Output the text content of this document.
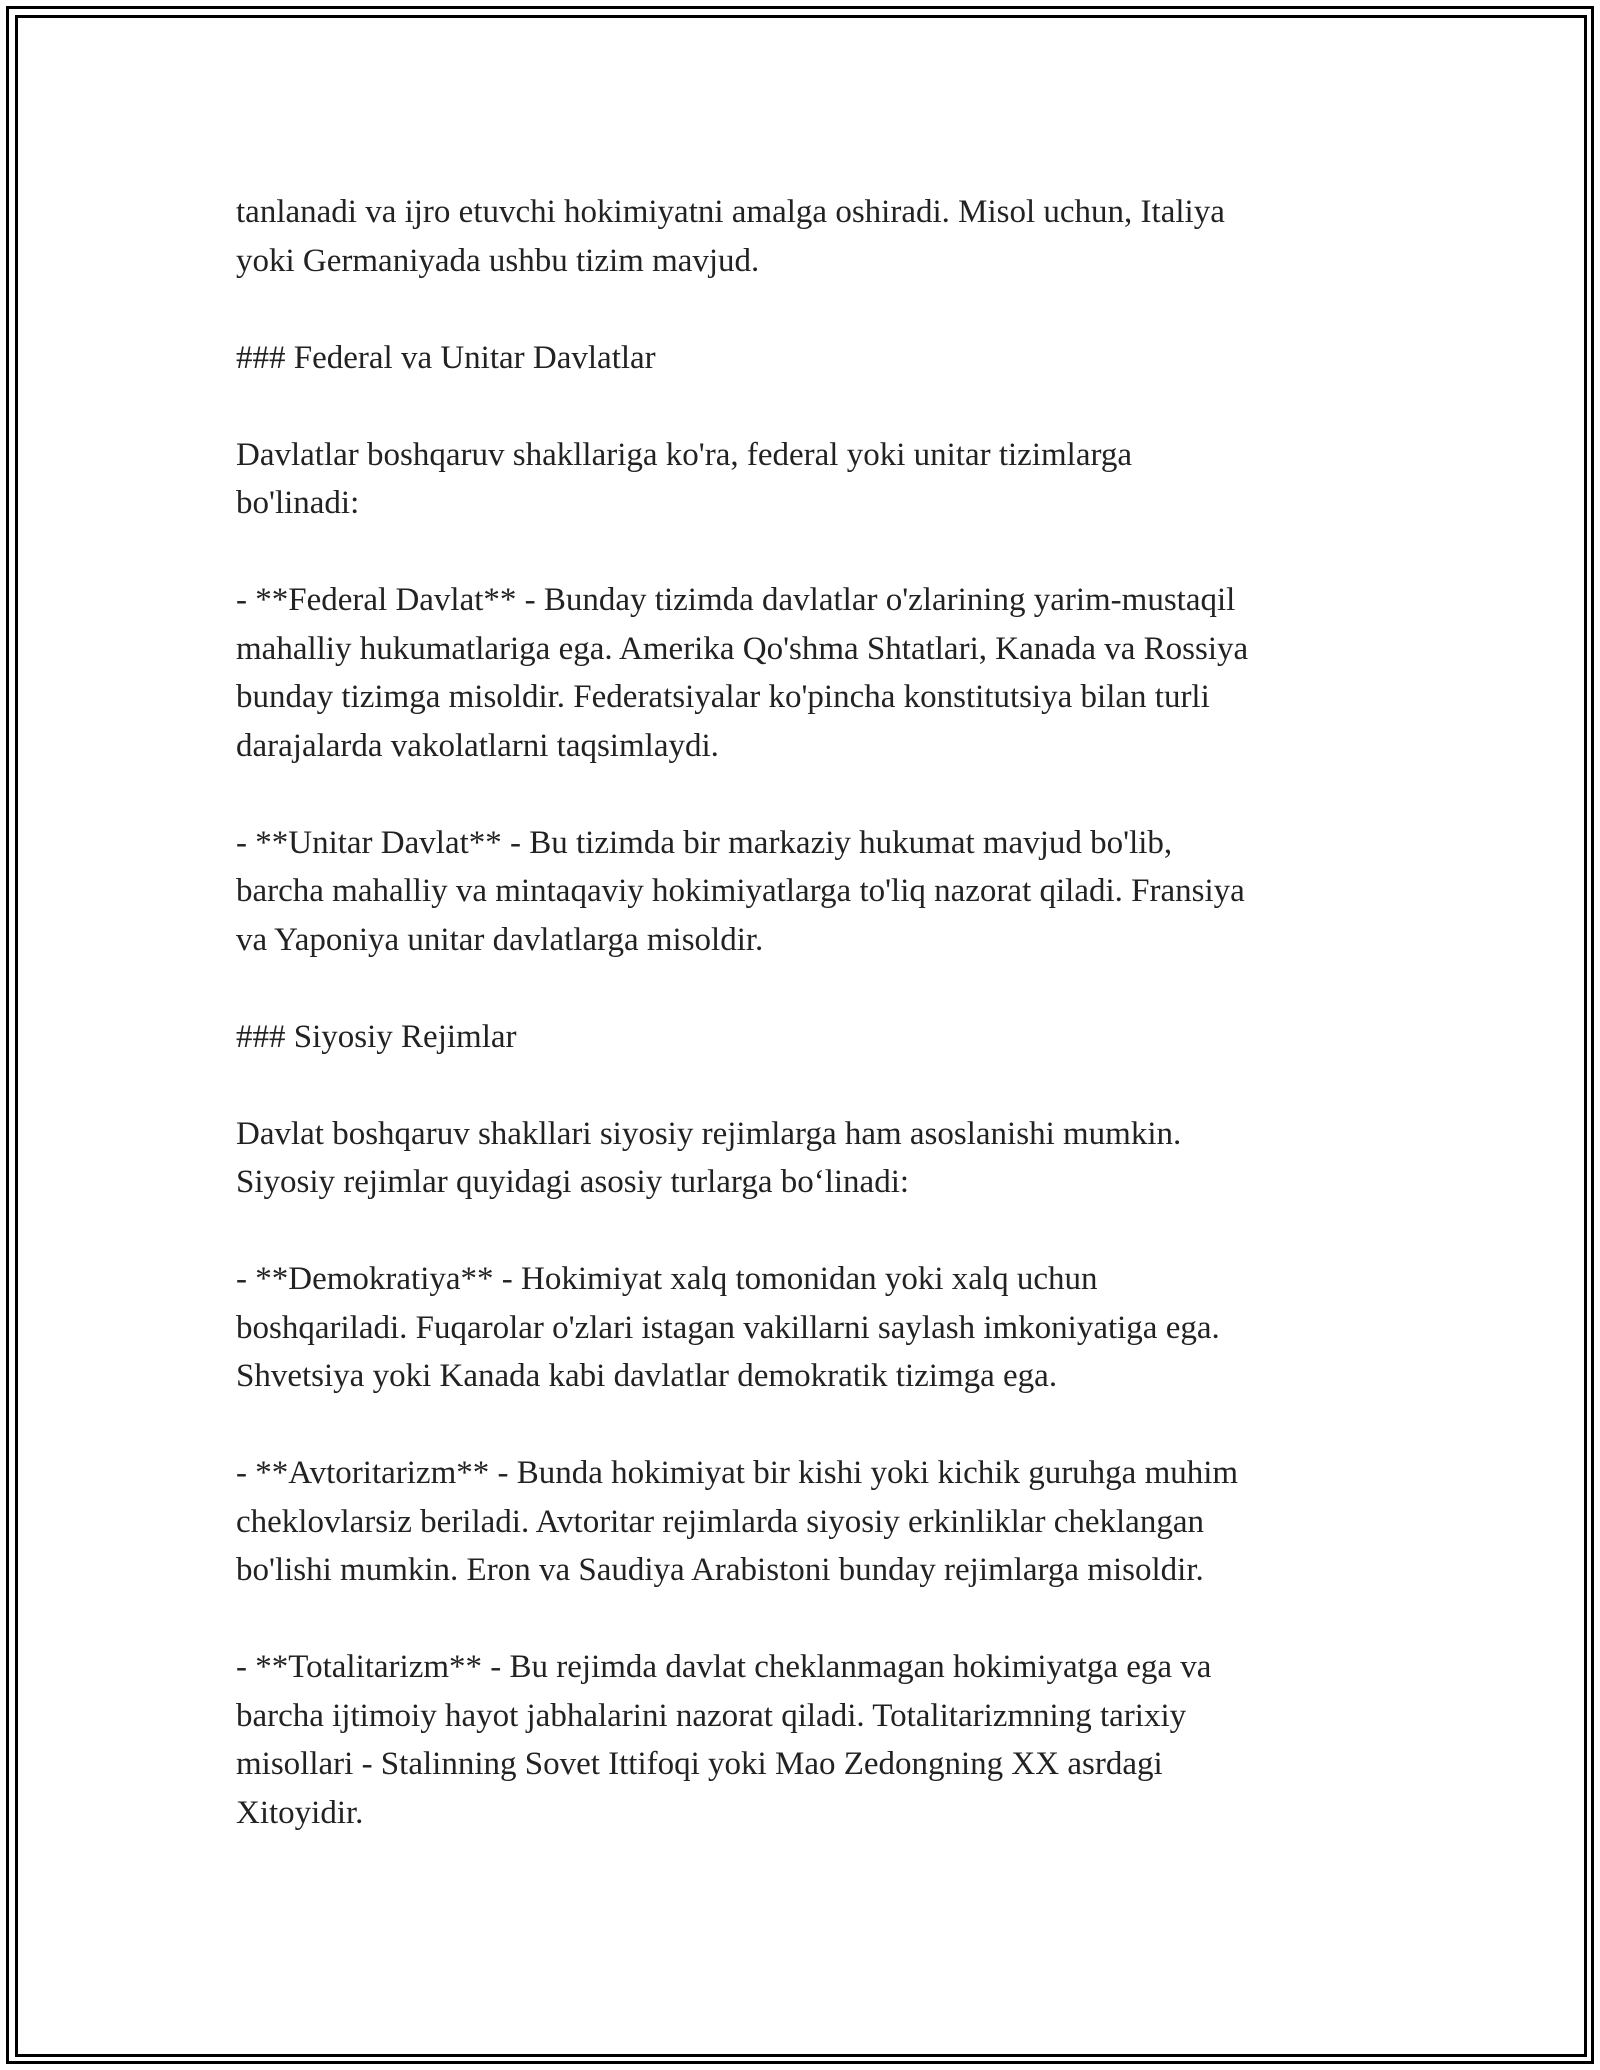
tanlanadi va ijro etuvchi hokimiyatni amalga oshiradi. Misol uchun, Italiya
yoki Germaniyada ushbu tizim mavjud.

### Federal va Unitar Davlatlar

Davlatlar boshqaruv shakllariga ko'ra, federal yoki unitar tizimlarga
bo'linadi:

- **Federal Davlat** - Bunday tizimda davlatlar o'zlarining yarim-mustaqil
mahalliy hukumatlariga ega. Amerika Qo'shma Shtatlari, Kanada va Rossiya
bunday tizimga misoldir. Federatsiyalar ko'pincha konstitutsiya bilan turli
darajalarda vakolatlarni taqsimlaydi.

- **Unitar Davlat** - Bu tizimda bir markaziy hukumat mavjud bo'lib,
barcha mahalliy va mintaqaviy hokimiyatlarga to'liq nazorat qiladi. Fransiya
va Yaponiya unitar davlatlarga misoldir.

### Siyosiy Rejimlar

Davlat boshqaruv shakllari siyosiy rejimlarga ham asoslanishi mumkin.
Siyosiy rejimlar quyidagi asosiy turlarga bo‘linadi:

- **Demokratiya** - Hokimiyat xalq tomonidan yoki xalq uchun
boshqariladi. Fuqarolar o'zlari istagan vakillarni saylash imkoniyatiga ega.
Shvetsiya yoki Kanada kabi davlatlar demokratik tizimga ega.

- **Avtoritarizm** - Bunda hokimiyat bir kishi yoki kichik guruhga muhim
cheklovlarsiz beriladi. Avtoritar rejimlarda siyosiy erkinliklar cheklangan
bo'lishi mumkin. Eron va Saudiya Arabistoni bunday rejimlarga misoldir.

- **Totalitarizm** - Bu rejimda davlat cheklanmagan hokimiyatga ega va
barcha ijtimoiy hayot jabhalarini nazorat qiladi. Totalitarizmning tarixiy
misollari - Stalinning Sovet Ittifoqi yoki Mao Zedongning XX asrdagi
Xitoyidir.
